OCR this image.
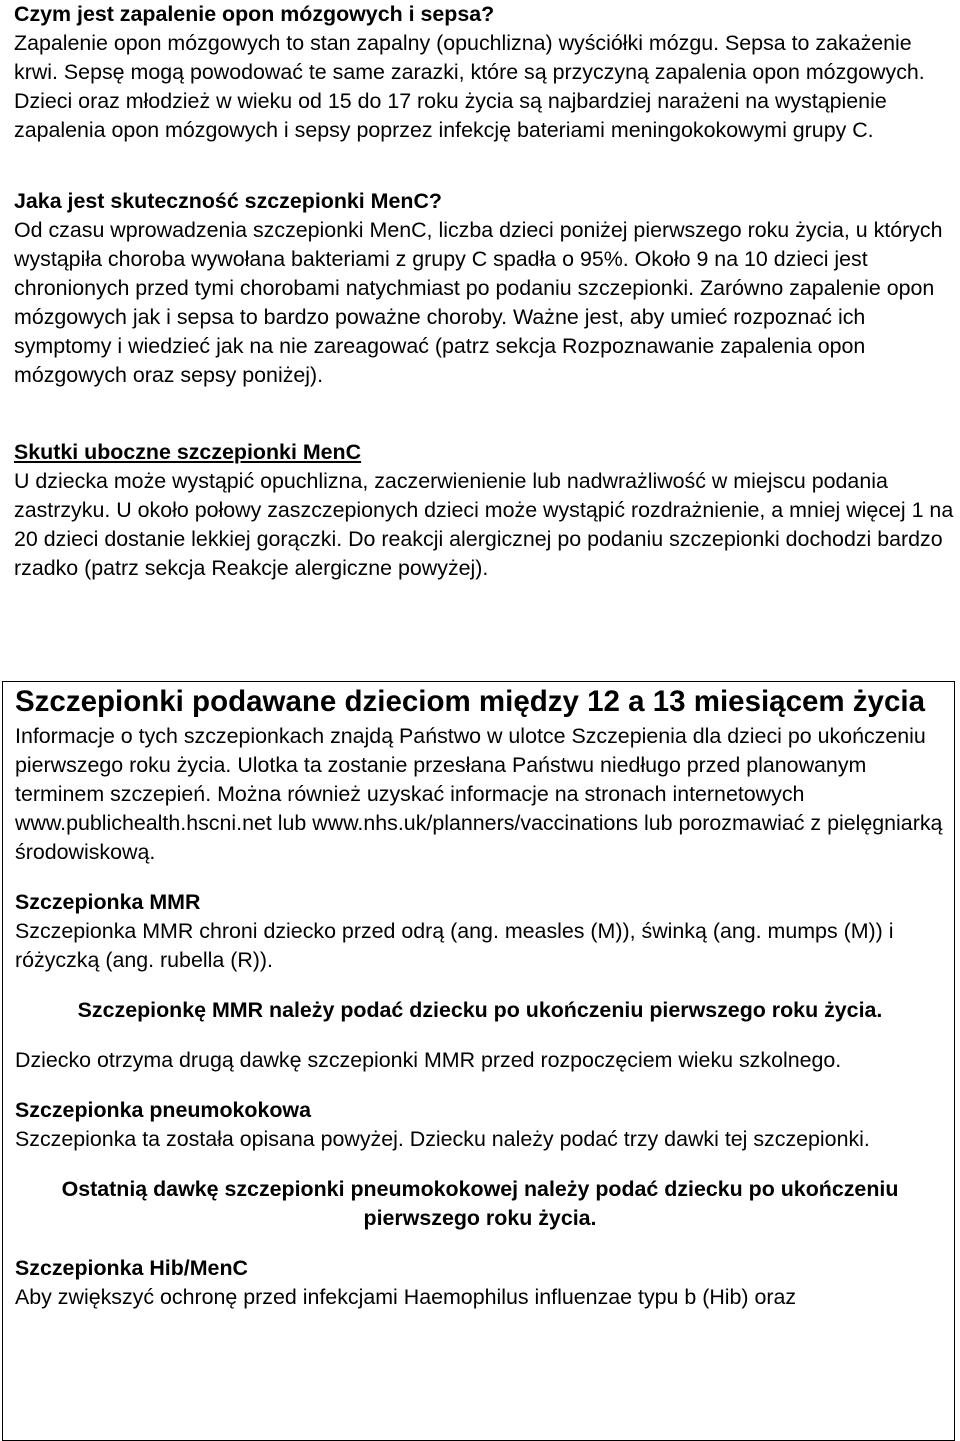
Czym jest zapalenie opon mózgowych i sepsa?

Zapalenie opon mózgowych to stan zapalny (opuchlizna) wyściółki mózgu. Sepsa to zakażenie krwi. Sepsę mogą powodować te same zarazki, które są przyczyną zapalenia opon mózgowych. Dzieci oraz młodzież w wieku od 15 do 17 roku życia są najbardziej narażeni na wystąpienie zapalenia opon mózgowych i sepsy poprzez infekcję bateriami meningokokowymi grupy C.

Jaka jest skuteczność szczepionki MenC?

Od czasu wprowadzenia szczepionki MenC, liczba dzieci poniżej pierwszego roku życia, u których wystąpiła choroba wywołana bakteriami z grupy C spadła o 95%. Około 9 na 10 dzieci jest chronionych przed tymi chorobami natychmiast po podaniu szczepionki. Zarówno zapalenie opon mózgowych jak i sepsa to bardzo poważne choroby. Ważne jest, aby umieć rozpoznać ich symptomy i wiedzieć jak na nie zareagować (patrz sekcja Rozpoznawanie zapalenia opon mózgowych oraz sepsy poniżej).

Skutki uboczne szczepionki MenC

U dziecka może wystąpić opuchlizna, zaczerwienienie lub nadwrażliwość w miejscu podania zastrzyku. U około połowy zaszczepionych dzieci może wystąpić rozdrażnienie, a mniej więcej 1 na 20 dzieci dostanie lekkiej gorączki. Do reakcji alergicznej po podaniu szczepionki dochodzi bardzo rzadko (patrz sekcja Reakcje alergiczne powyżej).

Szczepionki podawane dzieciom między 12 a 13 miesiącem życia

Informacje o tych szczepionkach znajdą Państwo w ulotce Szczepienia dla dzieci po ukończeniu pierwszego roku życia. Ulotka ta zostanie przesłana Państwu niedługo przed planowanym terminem szczepień. Można również uzyskać informacje na stronach internetowych www.publichealth.hscni.net lub www.nhs.uk/planners/vaccinations lub porozmawiać z pielęgniarką środowiskową.

Szczepionka MMR

Szczepionka MMR chroni dziecko przed odrą (ang. measles (M)), świnką (ang. mumps (M)) i różyczką (ang. rubella (R)).

Szczepionkę MMR należy podać dziecku po ukończeniu pierwszego roku życia.

Dziecko otrzyma drugą dawkę szczepionki MMR przed rozpoczęciem wieku szkolnego.

Szczepionka pneumokokowa

Szczepionka ta została opisana powyżej. Dziecku należy podać trzy dawki tej szczepionki.

Ostatnią dawkę szczepionki pneumokokowej należy podać dziecku po ukończeniu pierwszego roku życia.

Szczepionka Hib/MenC

Aby zwiększyć ochronę przed infekcjami Haemophilus influenzae typu b (Hib) oraz
